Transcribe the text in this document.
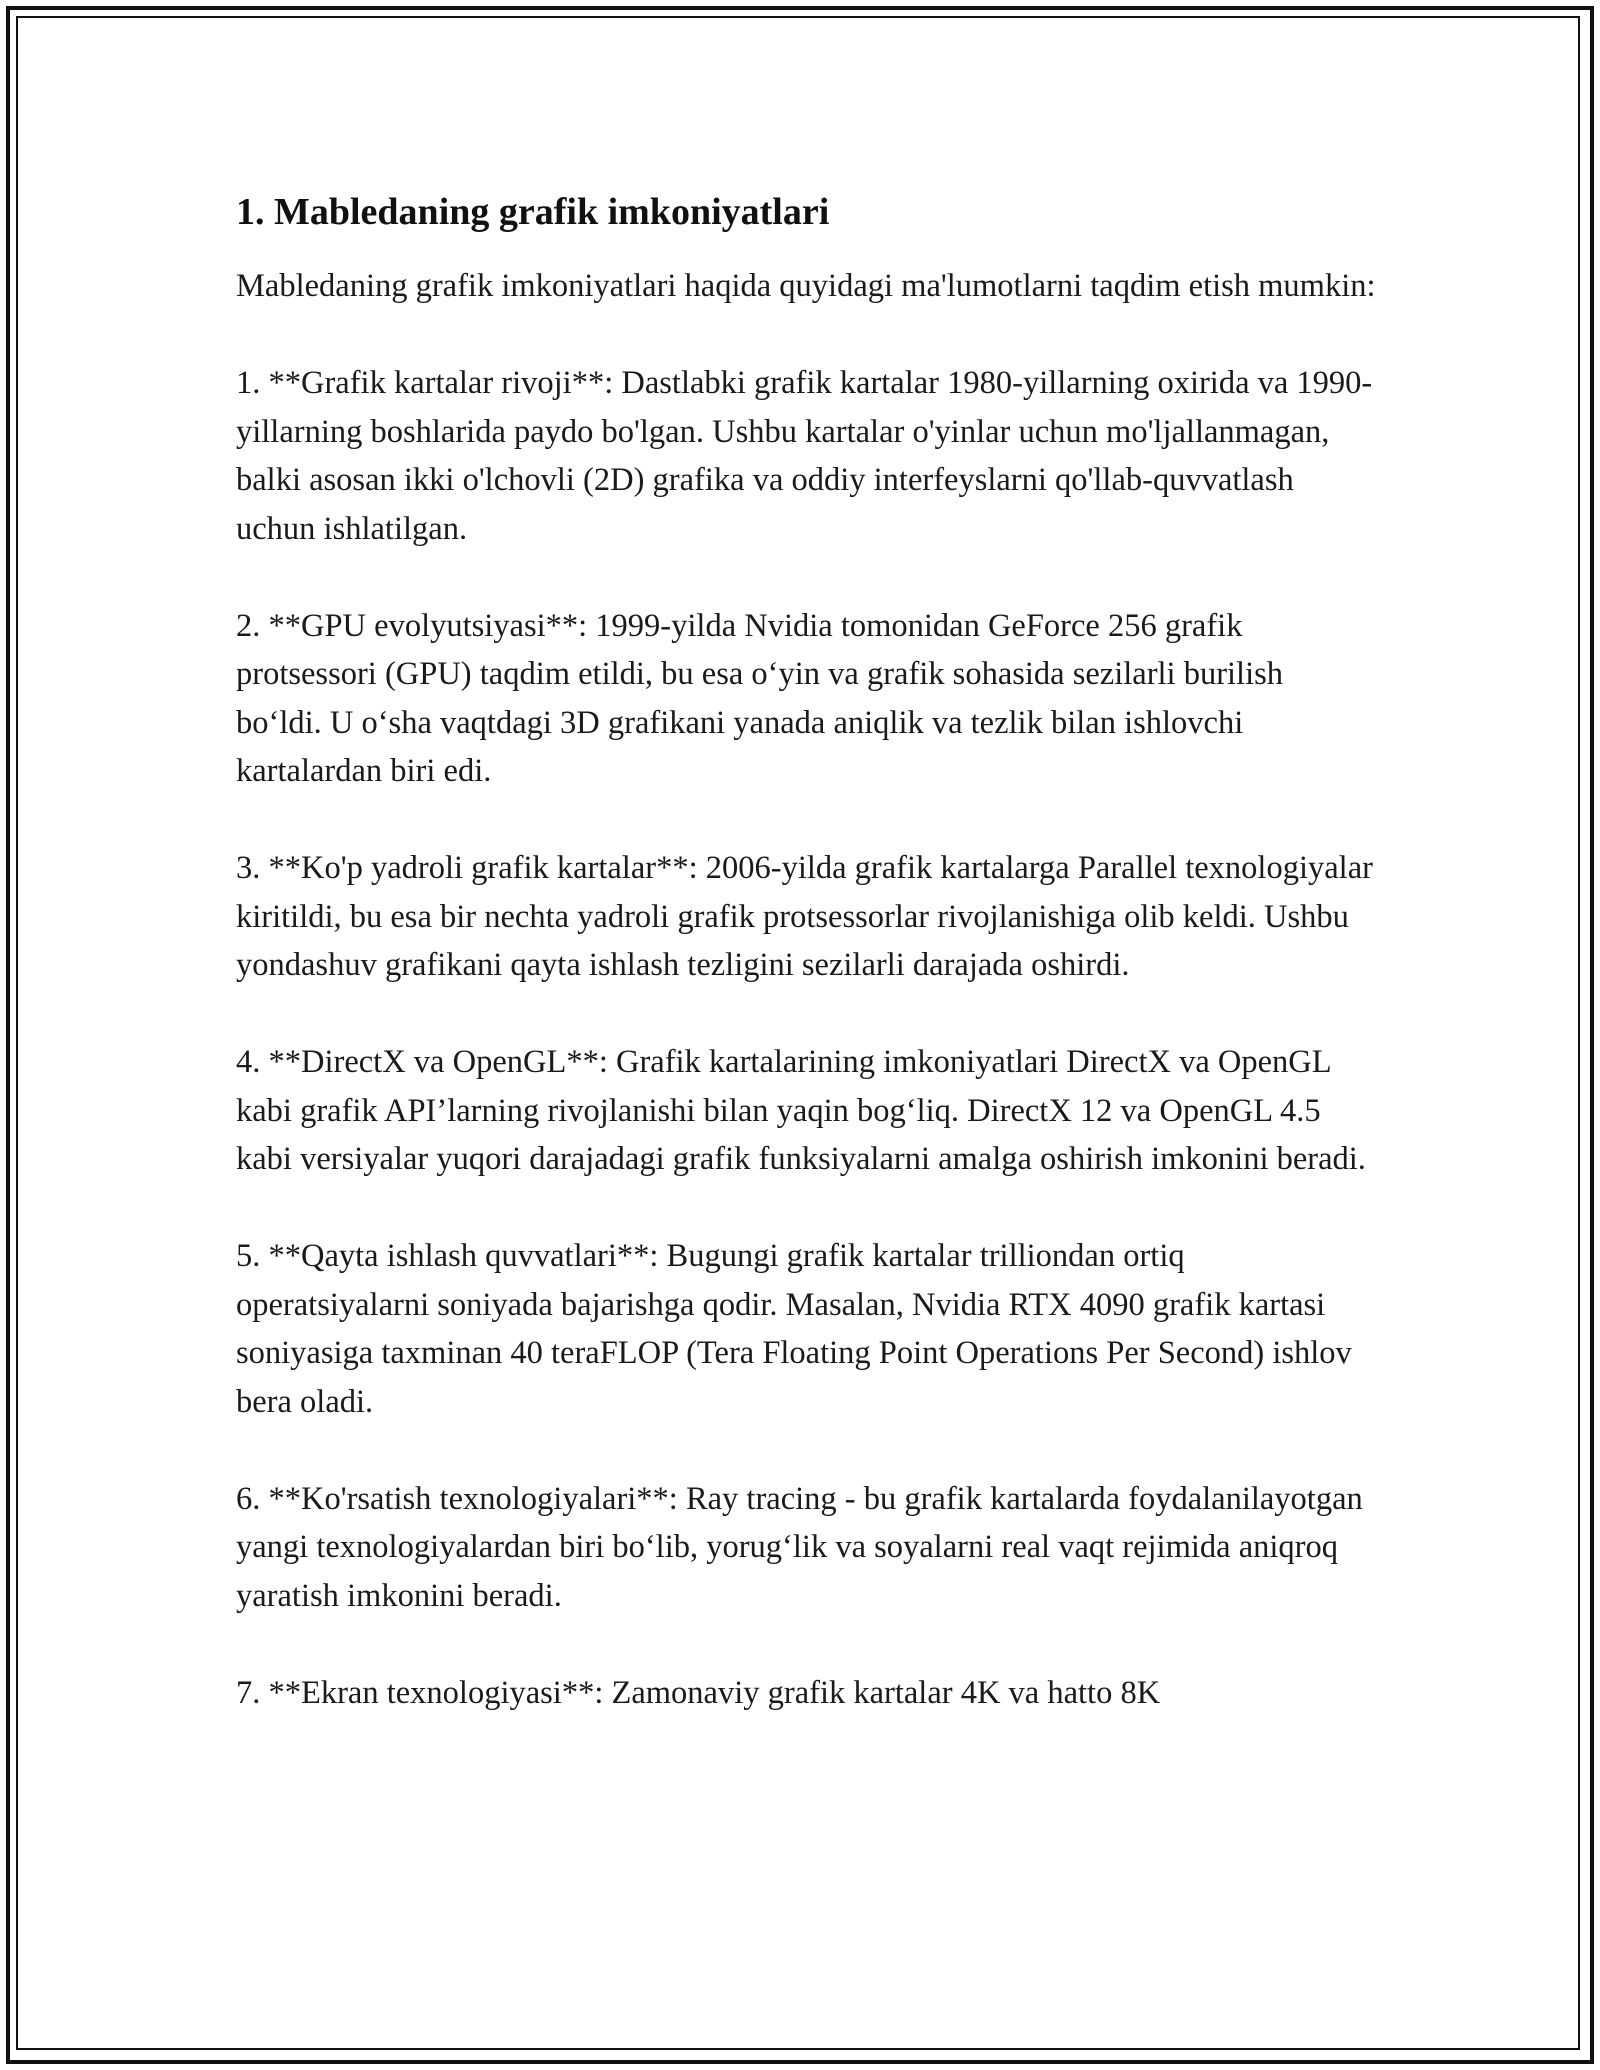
1. Mabledaning grafik imkoniyatlari

Mabledaning grafik imkoniyatlari haqida quyidagi ma'lumotlarni taqdim etish mumkin:

1. **Grafik kartalar rivoji**: Dastlabki grafik kartalar 1980-yillarning oxirida va 1990-yillarning boshlarida paydo bo'lgan. Ushbu kartalar o'yinlar uchun mo'ljallanmagan, balki asosan ikki o'lchovli (2D) grafika va oddiy interfeyslarni qo'llab-quvvatlash uchun ishlatilgan.

2. **GPU evolyutsiyasi**: 1999-yilda Nvidia tomonidan GeForce 256 grafik protsessori (GPU) taqdim etildi, bu esa o‘yin va grafik sohasida sezilarli burilish bo‘ldi. U o‘sha vaqtdagi 3D grafikani yanada aniqlik va tezlik bilan ishlovchi kartalardan biri edi.

3. **Ko'p yadroli grafik kartalar**: 2006-yilda grafik kartalarga Parallel texnologiyalar kiritildi, bu esa bir nechta yadroli grafik protsessorlar rivojlanishiga olib keldi. Ushbu yondashuv grafikani qayta ishlash tezligini sezilarli darajada oshirdi.

4. **DirectX va OpenGL**: Grafik kartalarining imkoniyatlari DirectX va OpenGL kabi grafik API’larning rivojlanishi bilan yaqin bog‘liq. DirectX 12 va OpenGL 4.5 kabi versiyalar yuqori darajadagi grafik funksiyalarni amalga oshirish imkonini beradi.

5. **Qayta ishlash quvvatlari**: Bugungi grafik kartalar trilliondan ortiq operatsiyalarni soniyada bajarishga qodir. Masalan, Nvidia RTX 4090 grafik kartasi soniyasiga taxminan 40 teraFLOP (Tera Floating Point Operations Per Second) ishlov bera oladi.

6. **Ko'rsatish texnologiyalari**: Ray tracing - bu grafik kartalarda foydalanilayotgan yangi texnologiyalardan biri bo‘lib, yorug‘lik va soyalarni real vaqt rejimida aniqroq yaratish imkonini beradi.

7. **Ekran texnologiyasi**: Zamonaviy grafik kartalar 4K va hatto 8K
